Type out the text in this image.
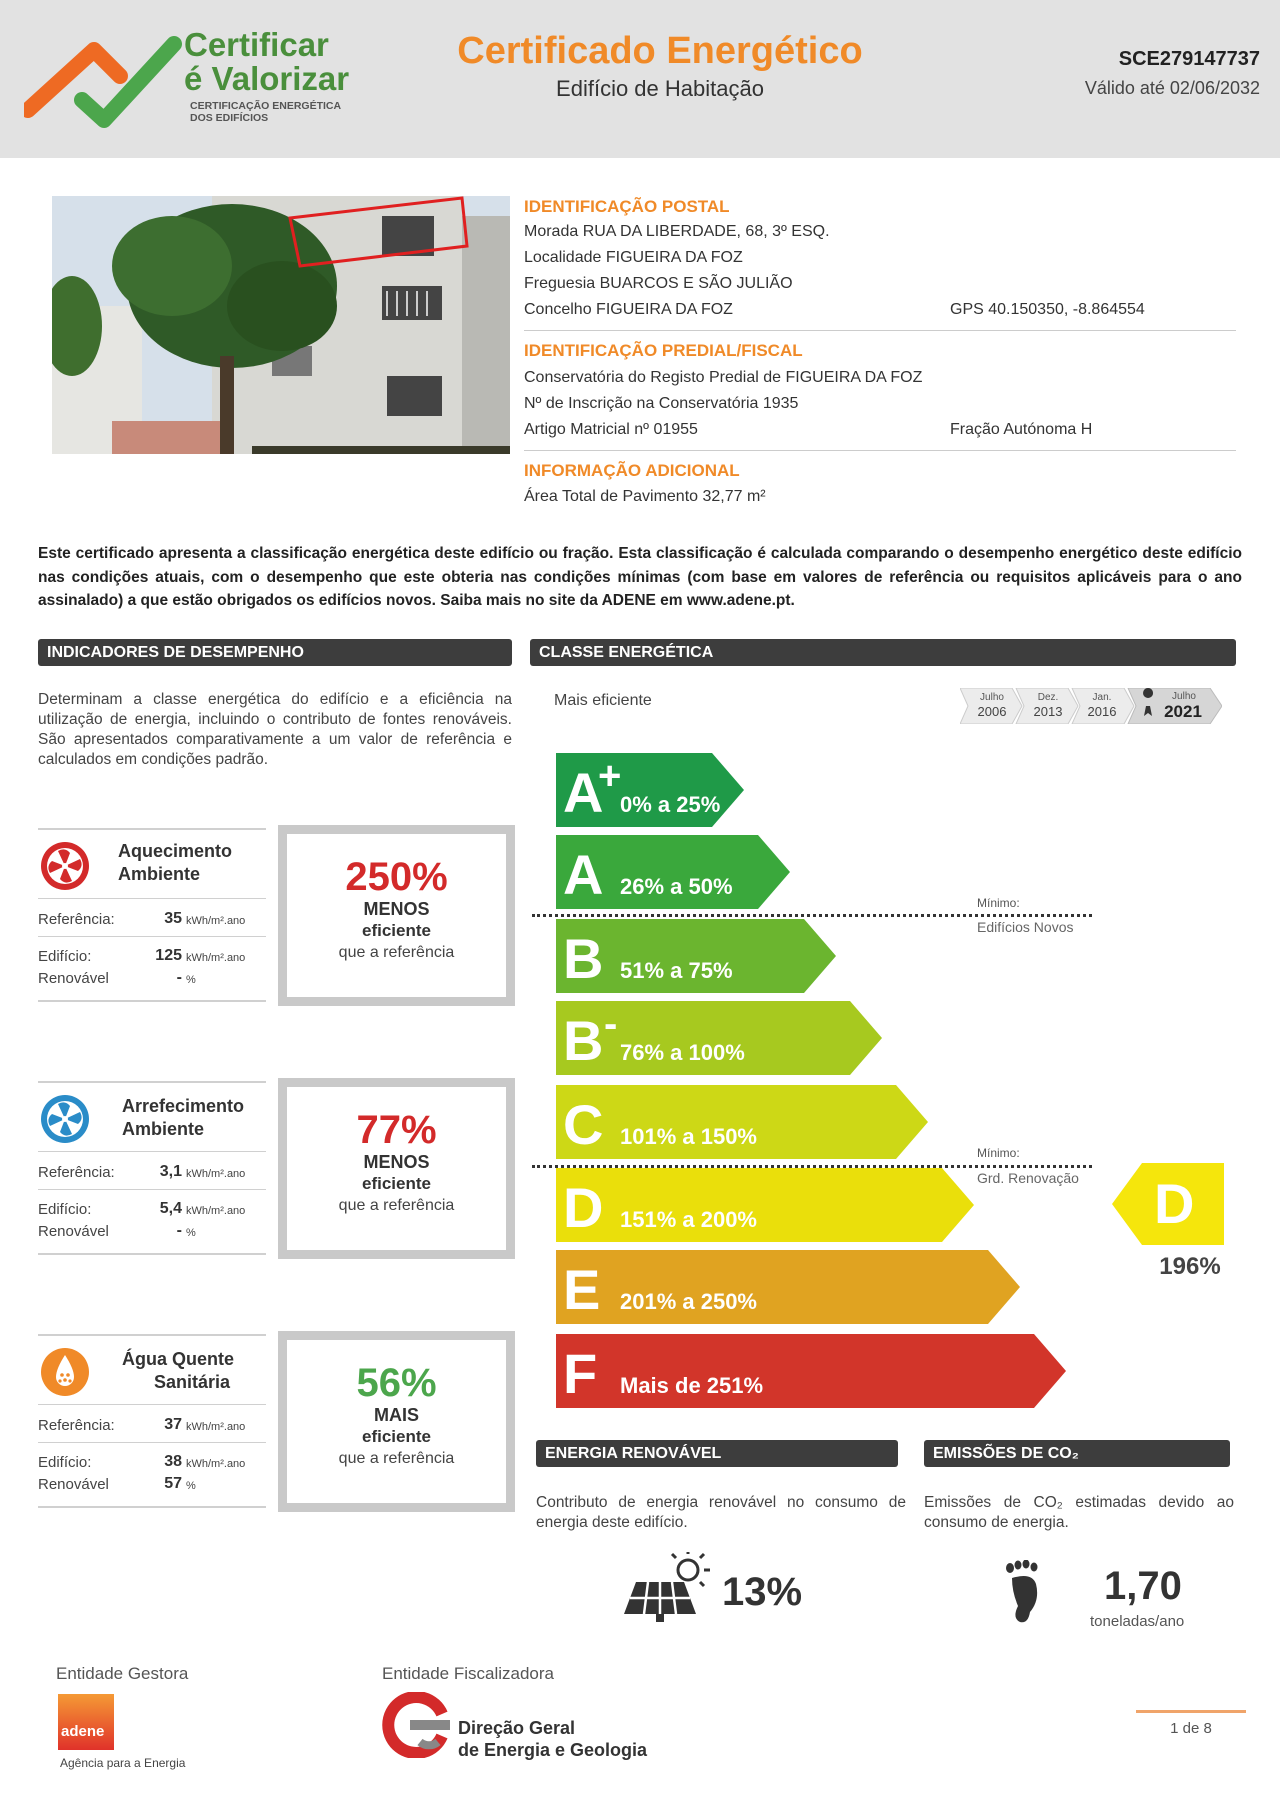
Certificar
é Valorizar
CERTIFICAÇÃO ENERGÉTICA
DOS EDIFÍCIOS
Certificado Energético
Edifício de Habitação
SCE279147737
Válido até 02/06/2032
IDENTIFICAÇÃO POSTAL
Morada RUA DA LIBERDADE, 68, 3º ESQ.
Localidade FIGUEIRA DA FOZ
Freguesia BUARCOS E SÃO JULIÃO
Concelho FIGUEIRA DA FOZ	GPS 40.150350, -8.864554
IDENTIFICAÇÃO PREDIAL/FISCAL
Conservatória do Registo Predial de FIGUEIRA DA FOZ
Nº de Inscrição na Conservatória 1935
Artigo Matricial nº 01955	Fração Autónoma H
INFORMAÇÃO ADICIONAL
Área Total de Pavimento 32,77 m²
Este certificado apresenta a classificação energética deste edifício ou fração. Esta classificação é calculada comparando o desempenho energético deste edifício nas condições atuais, com o desempenho que este obteria nas condições mínimas (com base em valores de referência ou requisitos aplicáveis para o ano assinalado) a que estão obrigados os edifícios novos. Saiba mais no site da ADENE em www.adene.pt.
INDICADORES DE DESEMPENHO
Determinam a classe energética do edifício e a eficiência na utilização de energia, incluindo o contributo de fontes renováveis. São apresentados comparativamente a um valor de referência e calculados em condições padrão.
Aquecimento
Ambiente
Referência:	35 kWh/m².ano
Edifício:	125 kWh/m².ano
Renovável	- %
250%
MENOS
eficiente
que a referência
Arrefecimento
Ambiente
Referência:	3,1 kWh/m².ano
Edifício:	5,4 kWh/m².ano
Renovável	- %
77%
MENOS
eficiente
que a referência
Água Quente
Sanitária
Referência:	37 kWh/m².ano
Edifício:	38 kWh/m².ano
Renovável	57 %
56%
MAIS
eficiente
que a referência
CLASSE ENERGÉTICA
Mais eficiente	Julho
2006
Dez.
2013
Jan.
2016
Julho
2021
A
+
0% a 25%
A 26% a 50%
B 51% a 75%
B -
76% a 100%
C 101% a 150%
D 151% a 200%
E 201% a 250%
F Mais de 251%
Mínimo:
Edifícios Novos
Mínimo:
Grd. Renovação D
196%
ENERGIA RENOVÁVEL
Contributo de energia renovável no consumo de energia deste edifício.
13%
EMISSÕES DE CO₂
Emissões de CO₂ estimadas devido ao consumo de energia.
1,70
toneladas/ano
Entidade Gestora
adene
Agência para a Energia
Entidade Fiscalizadora
Direção Geral
de Energia e Geologia
1 de 8
